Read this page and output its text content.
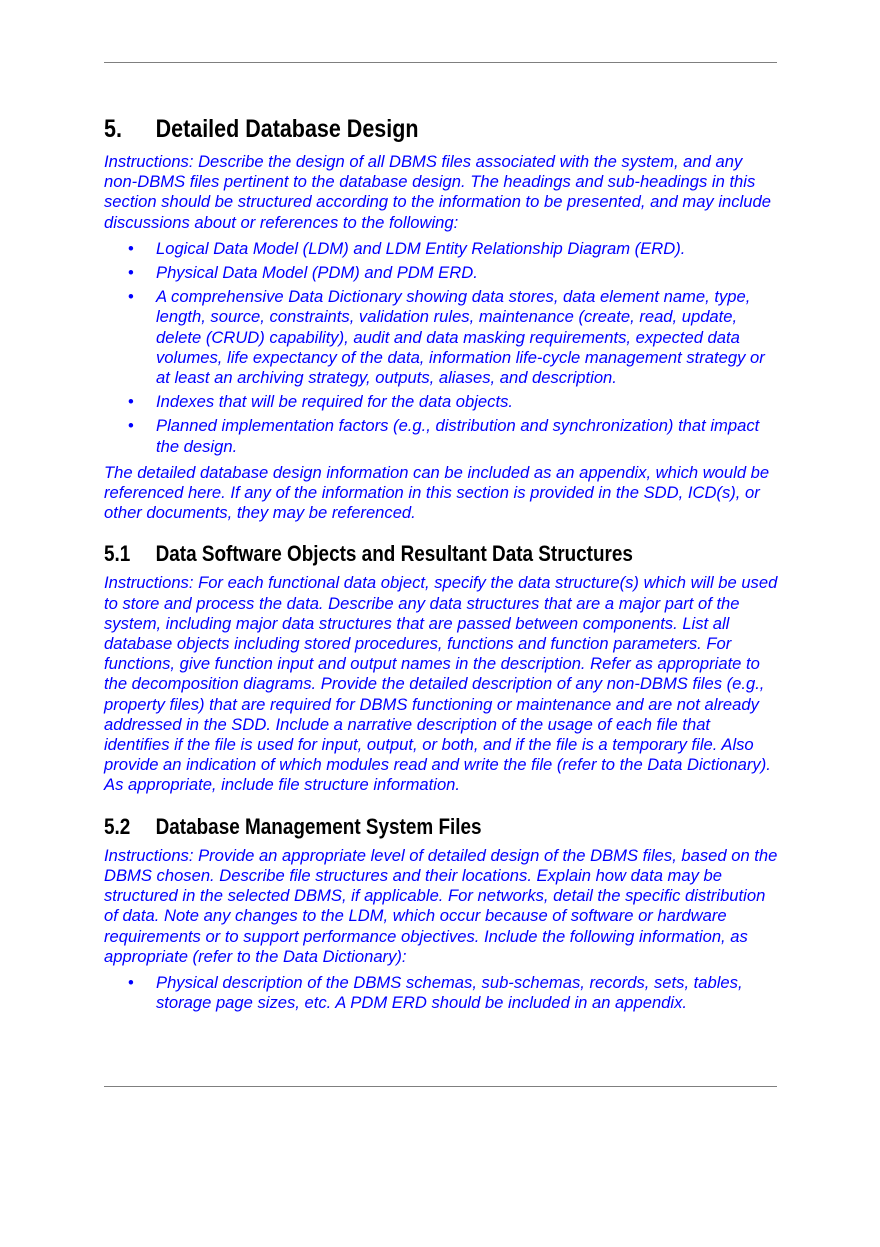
5.	Detailed Database Design

Instructions: Describe the design of all DBMS files associated with the system, and any non-DBMS files pertinent to the database design. The headings and sub-headings in this section should be structured according to the information to be presented, and may include discussions about or references to the following:

• Logical Data Model (LDM) and LDM Entity Relationship Diagram (ERD).
• Physical Data Model (PDM) and PDM ERD.
• A comprehensive Data Dictionary showing data stores, data element name, type, length, source, constraints, validation rules, maintenance (create, read, update, delete (CRUD) capability), audit and data masking requirements, expected data volumes, life expectancy of the data, information life-cycle management strategy or at least an archiving strategy, outputs, aliases, and description.
• Indexes that will be required for the data objects.
• Planned implementation factors (e.g., distribution and synchronization) that impact the design.

The detailed database design information can be included as an appendix, which would be referenced here. If any of the information in this section is provided in the SDD, ICD(s), or other documents, they may be referenced.

5.1	Data Software Objects and Resultant Data Structures

Instructions: For each functional data object, specify the data structure(s) which will be used to store and process the data. Describe any data structures that are a major part of the system, including major data structures that are passed between components. List all database objects including stored procedures, functions and function parameters. For functions, give function input and output names in the description. Refer as appropriate to the decomposition diagrams. Provide the detailed description of any non-DBMS files (e.g., property files) that are required for DBMS functioning or maintenance and are not already addressed in the SDD. Include a narrative description of the usage of each file that identifies if the file is used for input, output, or both, and if the file is a temporary file. Also provide an indication of which modules read and write the file (refer to the Data Dictionary). As appropriate, include file structure information.

5.2	Database Management System Files

Instructions: Provide an appropriate level of detailed design of the DBMS files, based on the DBMS chosen. Describe file structures and their locations. Explain how data may be structured in the selected DBMS, if applicable. For networks, detail the specific distribution of data. Note any changes to the LDM, which occur because of software or hardware requirements or to support performance objectives. Include the following information, as appropriate (refer to the Data Dictionary):

• Physical description of the DBMS schemas, sub-schemas, records, sets, tables, storage page sizes, etc. A PDM ERD should be included in an appendix.
